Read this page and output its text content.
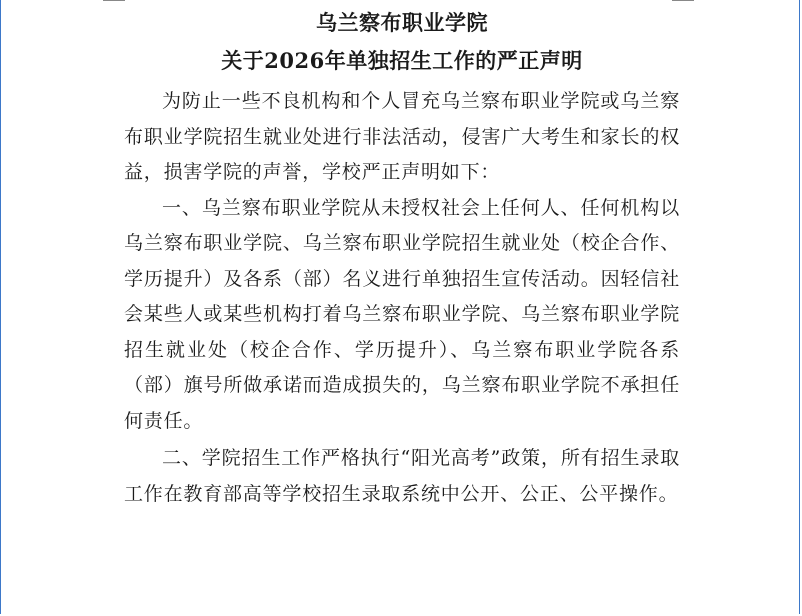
乌兰察布职业学院
关于2026年单独招生工作的严正声明

为防止一些不良机构和个人冒充乌兰察布职业学院或乌兰察布职业学院招生就业处进行非法活动，侵害广大考生和家长的权益，损害学院的声誉，学校严正声明如下：

一、乌兰察布职业学院从未授权社会上任何人、任何机构以乌兰察布职业学院、乌兰察布职业学院招生就业处（校企合作、学历提升）及各系（部）名义进行单独招生宣传活动。因轻信社会某些人或某些机构打着乌兰察布职业学院、乌兰察布职业学院招生就业处（校企合作、学历提升）、乌兰察布职业学院各系（部）旗号所做承诺而造成损失的，乌兰察布职业学院不承担任何责任。

二、学院招生工作严格执行“阳光高考”政策，所有招生录取工作在教育部高等学校招生录取系统中公开、公正、公平操作。
